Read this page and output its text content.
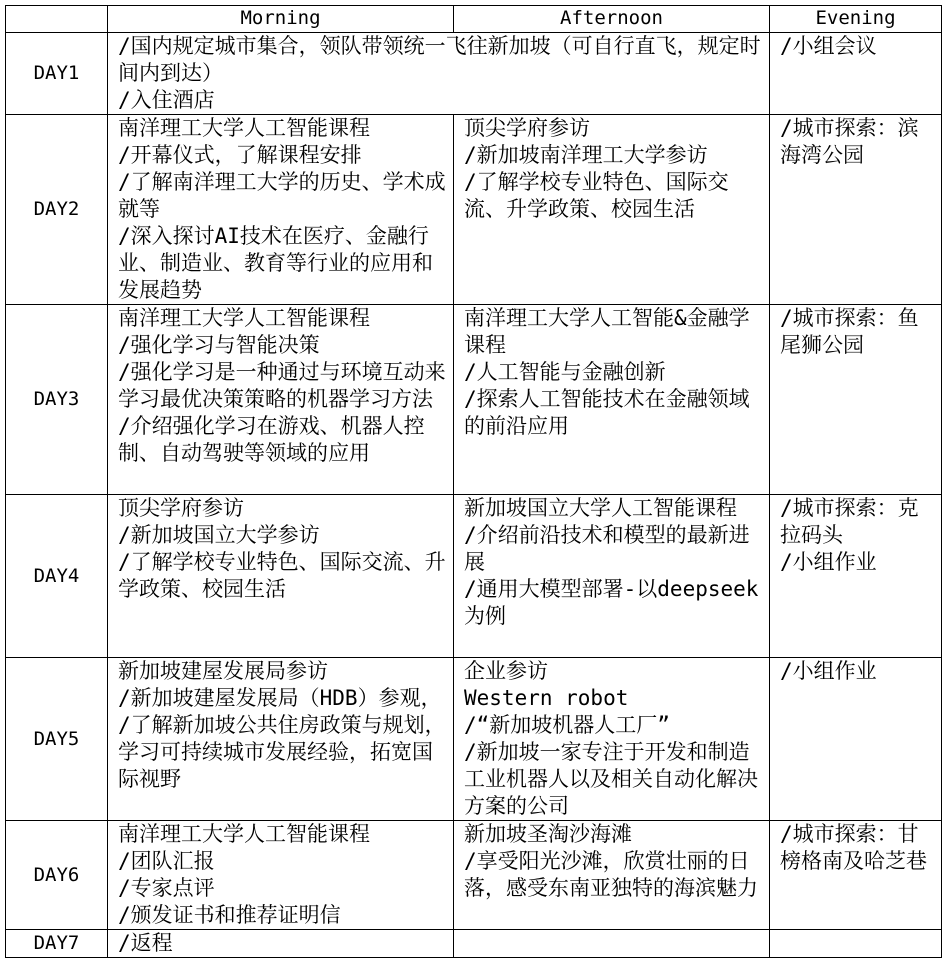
	Morning	Afternoon	Evening
DAY1	/国内规定城市集合，领队带领统一飞往新加坡（可自行直飞，规定时间内到达）
/入住酒店		/小组会议

DAY2	南洋理工大学人工智能课程
/开幕仪式，了解课程安排
/了解南洋理工大学的历史、学术成就等
/深入探讨AI技术在医疗、金融行业、制造业、教育等行业的应用和发展趋势	顶尖学府参访
/新加坡南洋理工大学参访
/了解学校专业特色、国际交流、升学政策、校园生活	/城市探索：滨海湾公园

DAY3	南洋理工大学人工智能课程
/强化学习与智能决策
/强化学习是一种通过与环境互动来学习最优决策策略的机器学习方法
/介绍强化学习在游戏、机器人控制、自动驾驶等领域的应用	南洋理工大学人工智能&金融学课程
/人工智能与金融创新
/探索人工智能技术在金融领域的前沿应用	/城市探索：鱼尾狮公园

DAY4	顶尖学府参访
/新加坡国立大学参访
/了解学校专业特色、国际交流、升学政策、校园生活	新加坡国立大学人工智能课程
/介绍前沿技术和模型的最新进展
/通用大模型部署-以deepseek为例	/城市探索：克拉码头
/小组作业

DAY5	新加坡建屋发展局参访
/新加坡建屋发展局（HDB）参观，
/了解新加坡公共住房政策与规划，学习可持续城市发展经验，拓宽国际视野	企业参访
Western robot
/“新加坡机器人工厂”
/新加坡一家专注于开发和制造工业机器人以及相关自动化解决方案的公司	/小组作业

DAY6	南洋理工大学人工智能课程
/团队汇报
/专家点评
/颁发证书和推荐证明信	新加坡圣淘沙海滩
/享受阳光沙滩，欣赏壮丽的日落，感受东南亚独特的海滨魅力	/城市探索：甘榜格南及哈芝巷

DAY7	/返程		
